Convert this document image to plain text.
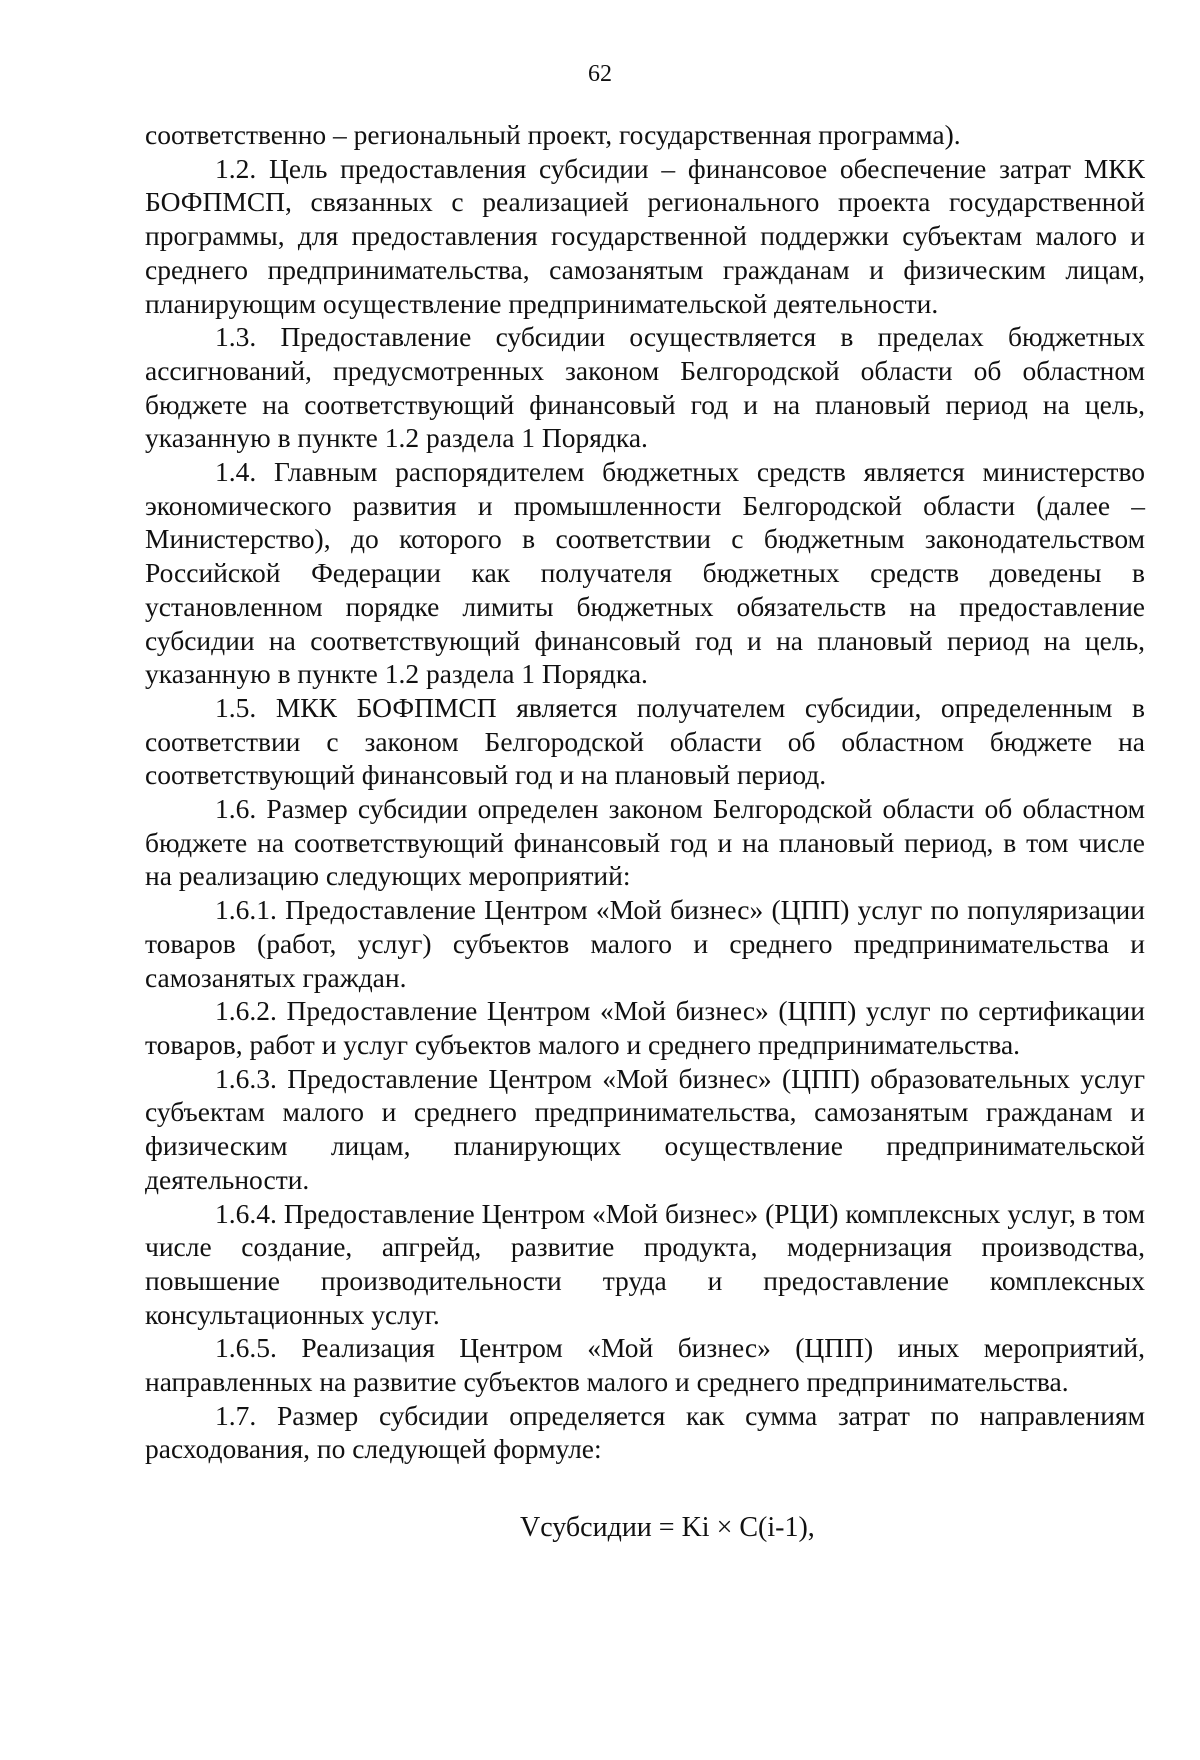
62

соответственно – региональный проект, государственная программа).

1.2. Цель предоставления субсидии – финансовое обеспечение затрат МКК БОФПМСП, связанных с реализацией регионального проекта государственной программы, для предоставления государственной поддержки субъектам малого и среднего предпринимательства, самозанятым гражданам и физическим лицам, планирующим осуществление предпринимательской деятельности.

1.3. Предоставление субсидии осуществляется в пределах бюджетных ассигнований, предусмотренных законом Белгородской области об областном бюджете на соответствующий финансовый год и на плановый период на цель, указанную в пункте 1.2 раздела 1 Порядка.

1.4. Главным распорядителем бюджетных средств является министерство экономического развития и промышленности Белгородской области (далее – Министерство), до которого в соответствии с бюджетным законодательством Российской Федерации как получателя бюджетных средств доведены в установленном порядке лимиты бюджетных обязательств на предоставление субсидии на соответствующий финансовый год и на плановый период на цель, указанную в пункте 1.2 раздела 1 Порядка.

1.5. МКК БОФПМСП является получателем субсидии, определенным в соответствии с законом Белгородской области об областном бюджете на соответствующий финансовый год и на плановый период.

1.6. Размер субсидии определен законом Белгородской области об областном бюджете на соответствующий финансовый год и на плановый период, в том числе на реализацию следующих мероприятий:

1.6.1. Предоставление Центром «Мой бизнес» (ЦПП) услуг по популяризации товаров (работ, услуг) субъектов малого и среднего предпринимательства и самозанятых граждан.

1.6.2. Предоставление Центром «Мой бизнес» (ЦПП) услуг по сертификации товаров, работ и услуг субъектов малого и среднего предпринимательства.

1.6.3. Предоставление Центром «Мой бизнес» (ЦПП) образовательных услуг субъектам малого и среднего предпринимательства, самозанятым гражданам и физическим лицам, планирующих осуществление предпринимательской деятельности.

1.6.4. Предоставление Центром «Мой бизнес» (РЦИ) комплексных услуг, в том числе создание, апгрейд, развитие продукта, модернизация производства, повышение производительности труда и предоставление комплексных консультационных услуг.

1.6.5. Реализация Центром «Мой бизнес» (ЦПП) иных мероприятий, направленных на развитие субъектов малого и среднего предпринимательства.

1.7. Размер субсидии определяется как сумма затрат по направлениям расходования, по следующей формуле:

Vсубсидии = Ki × C(i-1),
